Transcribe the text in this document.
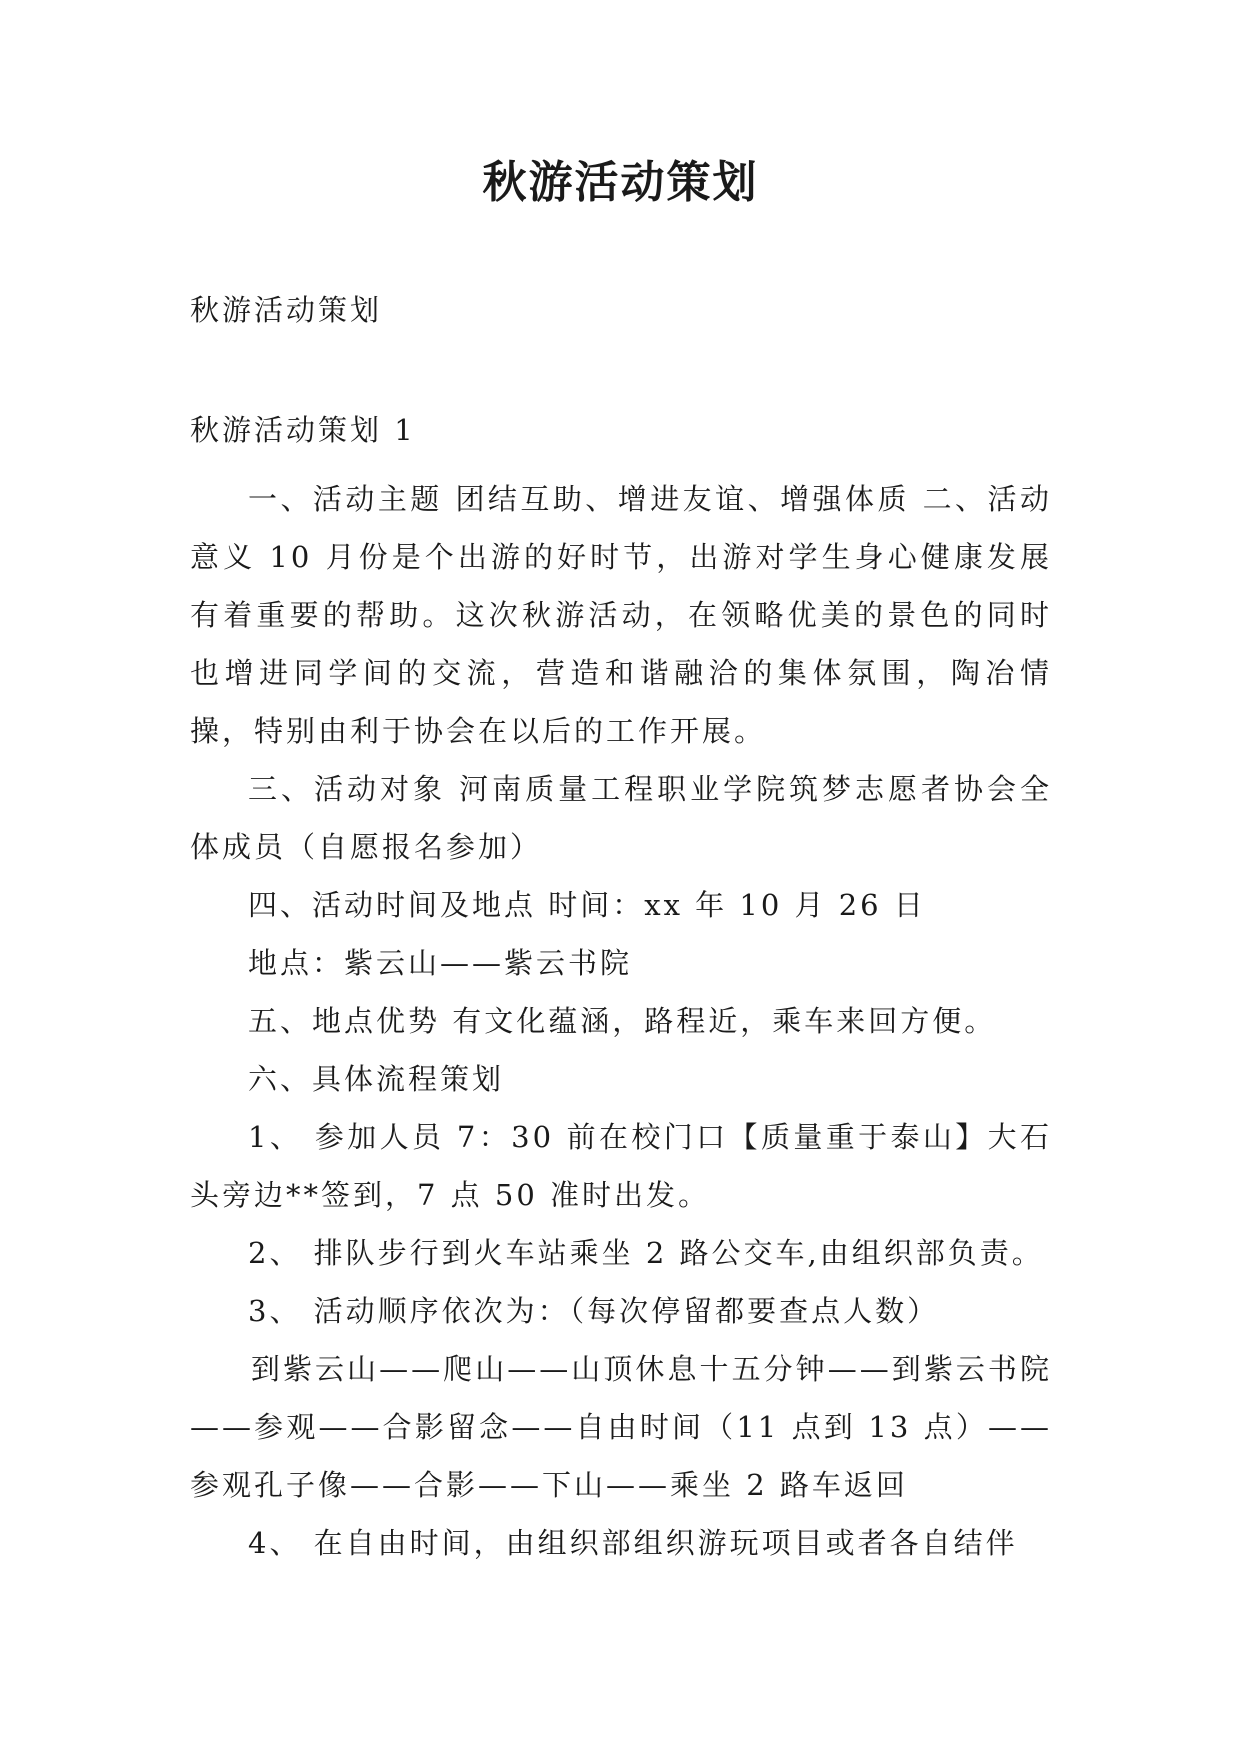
秋游活动策划
秋游活动策划
秋游活动策划 1

一、活动主题 团结互助、增进友谊、增强体质 二、活动意义 10 月份是个出游的好时节，出游对学生身心健康发展有着重要的帮助。这次秋游活动，在领略优美的景色的同时也增进同学间的交流，营造和谐融洽的集体氛围，陶冶情操，特别由利于协会在以后的工作开展。

三、活动对象 河南质量工程职业学院筑梦志愿者协会全体成员（自愿报名参加）

四、活动时间及地点 时间：xx 年 10 月 26 日

地点：紫云山——紫云书院

五、地点优势 有文化蕴涵，路程近，乘车来回方便。

六、具体流程策划

1、 参加人员 7：30 前在校门口【质量重于泰山】大石头旁边**签到，7 点 50 准时出发。

2、 排队步行到火车站乘坐 2 路公交车,由组织部负责。

3、 活动顺序依次为：（每次停留都要查点人数）

到紫云山——爬山——山顶休息十五分钟——到紫云书院——参观——合影留念——自由时间（11 点到 13 点）——参观孔子像——合影——下山——乘坐 2 路车返回

4、 在自由时间，由组织部组织游玩项目或者各自结伴
